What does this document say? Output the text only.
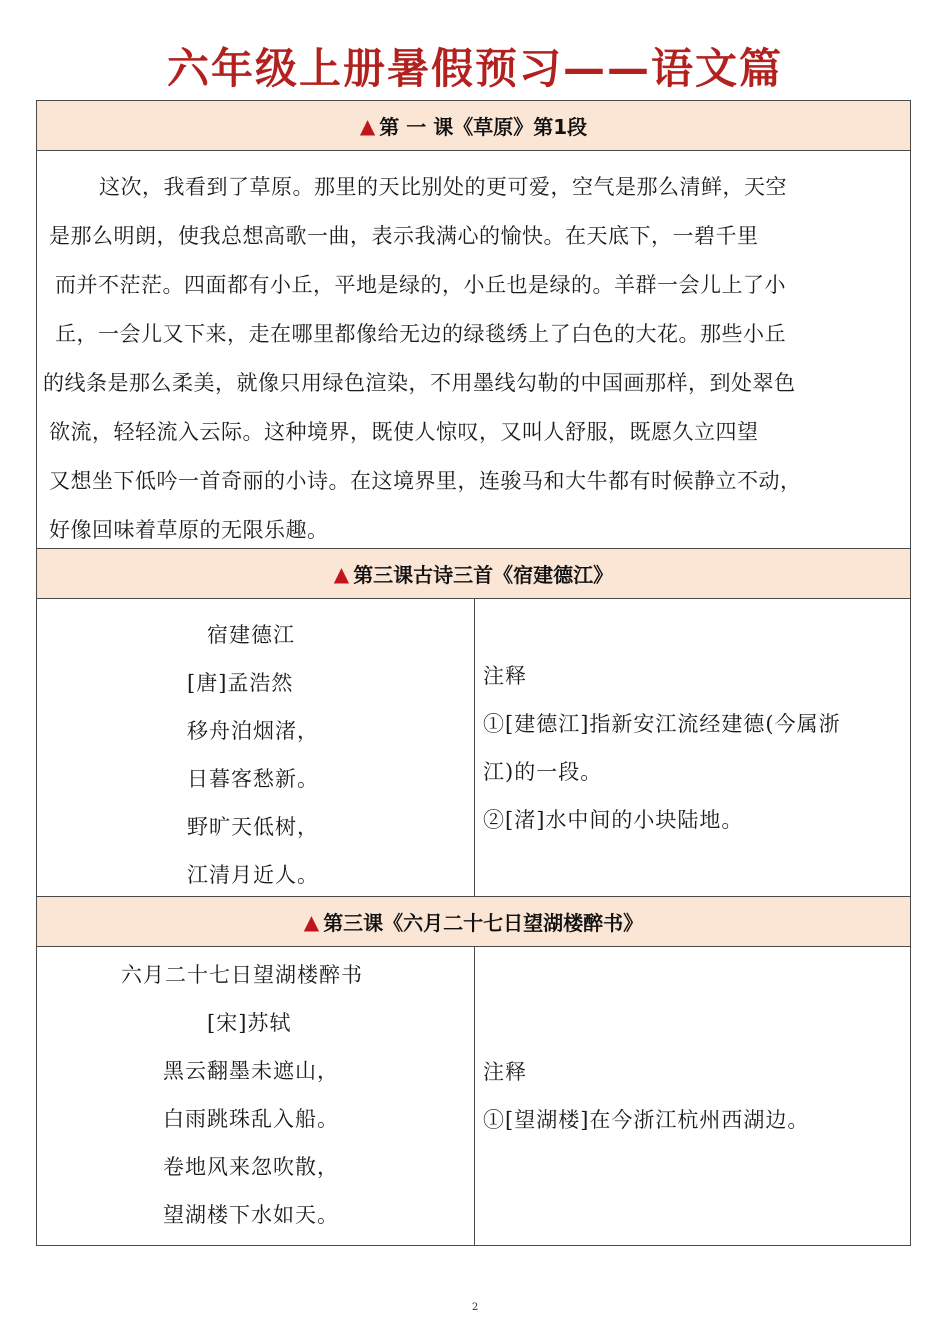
六年级上册暑假预习——语文篇
▲ 第 一 课《草原》第1段
这次，我看到了草原。那里的天比别处的更可爱，空气是那么清鲜，天空
是那么明朗，使我总想高歌一曲，表示我满心的愉快。在天底下，一碧千里
而并不茫茫。四面都有小丘，平地是绿的，小丘也是绿的。羊群一会儿上了小
丘，一会儿又下来，走在哪里都像给无边的绿毯绣上了白色的大花。那些小丘
的线条是那么柔美，就像只用绿色渲染，不用墨线勾勒的中国画那样，到处翠色
欲流，轻轻流入云际。这种境界，既使人惊叹，又叫人舒服，既愿久立四望
又想坐下低吟一首奇丽的小诗。在这境界里，连骏马和大牛都有时候静立不动，
好像回味着草原的无限乐趣。
▲ 第三课古诗三首《宿建德江》
宿建德江
[唐]孟浩然
移舟泊烟渚，
日暮客愁新。
野旷天低树，
江清月近人。
注释
①[建德江]指新安江流经建德(今属浙
江)的一段。
②[渚]水中间的小块陆地。
▲ 第三课《六月二十七日望湖楼醉书》
六月二十七日望湖楼醉书
[宋]苏轼
黑云翻墨未遮山，
白雨跳珠乱入船。
卷地风来忽吹散，
望湖楼下水如天。
注释
①[望湖楼]在今浙江杭州西湖边。
2
